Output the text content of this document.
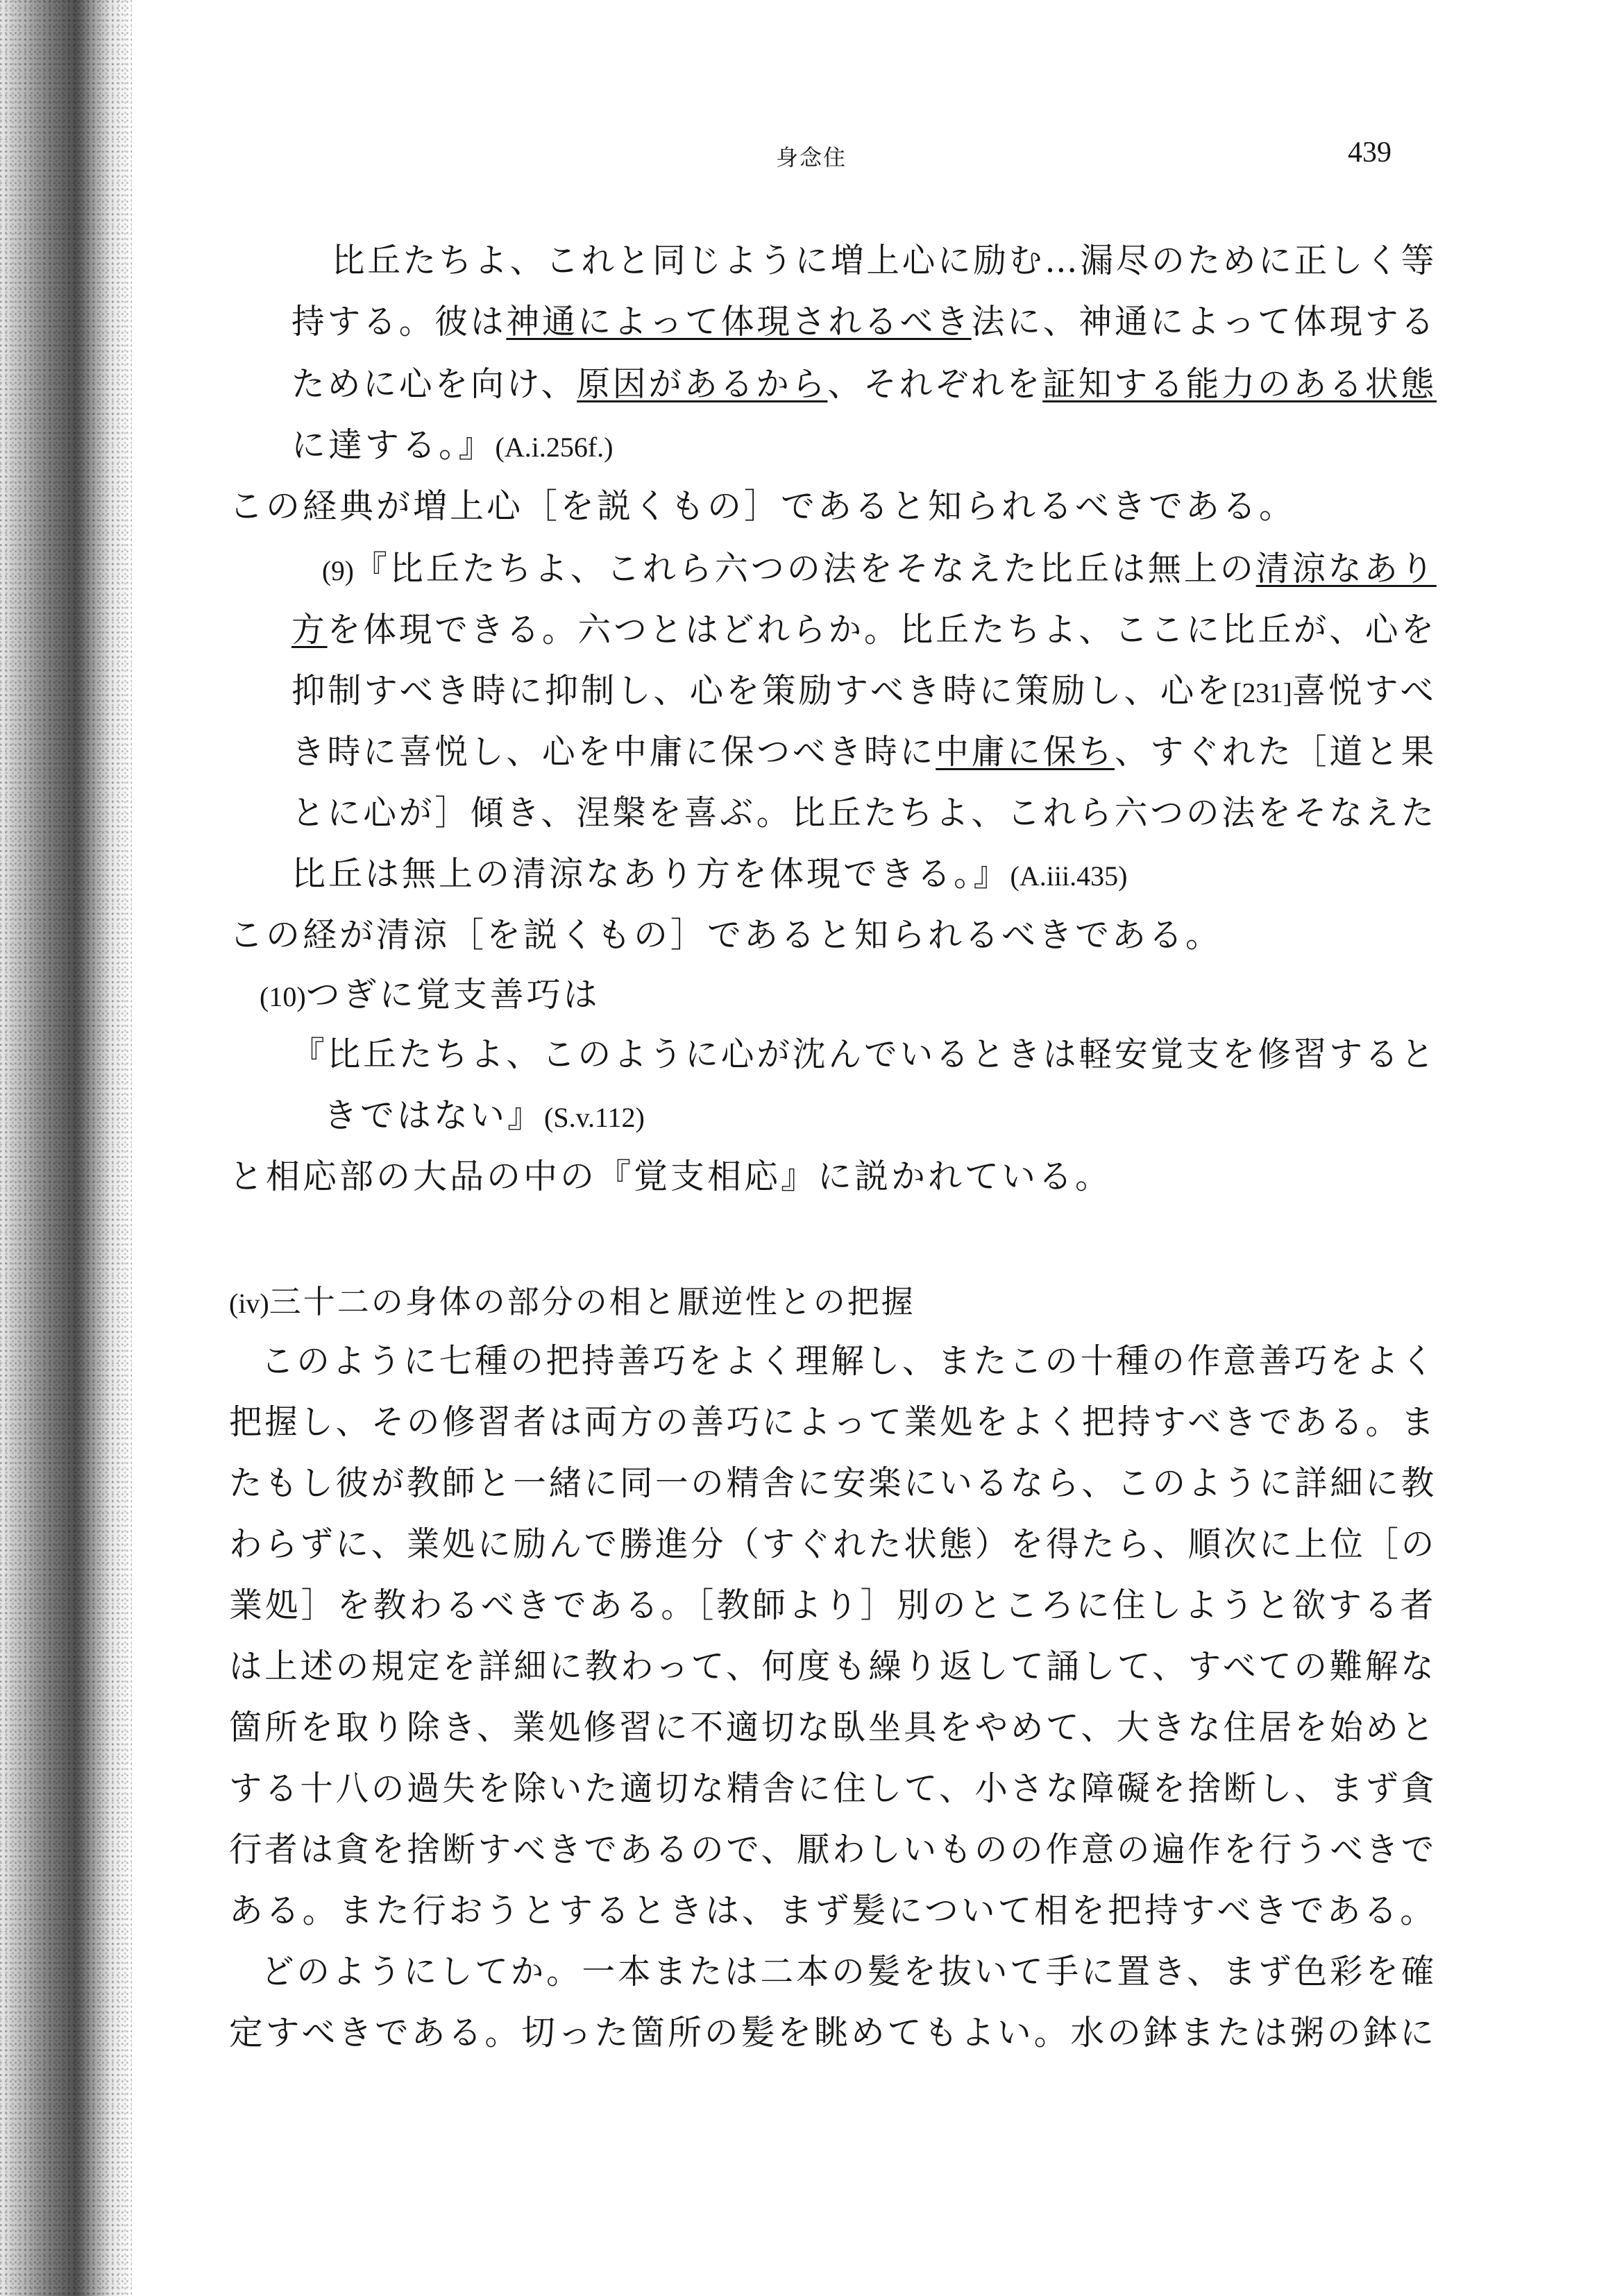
身念住	439

比丘たちよ、これと同じように増上心に励む…漏尽のために正しく等

持する。彼は神通によって体現されるべき法に、神通によって体現する

ために心を向け、原因があるから、それぞれを証知する能力のある状態

に達する。』(A.i.256f.)

この経典が増上心［を説くもの］であると知られるべきである。

(9)『比丘たちよ、これら六つの法をそなえた比丘は無上の清涼なあり

方を体現できる。六つとはどれらか。比丘たちよ、ここに比丘が、心を

抑制すべき時に抑制し、心を策励すべき時に策励し、心を[231]喜悦すべ

き時に喜悦し、心を中庸に保つべき時に中庸に保ち、すぐれた［道と果

とに心が］傾き、涅槃を喜ぶ。比丘たちよ、これら六つの法をそなえた

比丘は無上の清涼なあり方を体現できる。』(A.iii.435)

この経が清涼［を説くもの］であると知られるべきである。

(10)つぎに覚支善巧は

『比丘たちよ、このように心が沈んでいるときは軽安覚支を修習すると

きではない』(S.v.112)

と相応部の大品の中の『覚支相応』に説かれている。

(iv)三十二の身体の部分の相と厭逆性との把握

このように七種の把持善巧をよく理解し、またこの十種の作意善巧をよく

把握し、その修習者は両方の善巧によって業処をよく把持すべきである。ま

たもし彼が教師と一緒に同一の精舎に安楽にいるなら、このように詳細に教

わらずに、業処に励んで勝進分（すぐれた状態）を得たら、順次に上位［の

業処］を教わるべきである。［教師より］別のところに住しようと欲する者

は上述の規定を詳細に教わって、何度も繰り返して誦して、すべての難解な

箇所を取り除き、業処修習に不適切な臥坐具をやめて、大きな住居を始めと

する十八の過失を除いた適切な精舎に住して、小さな障礙を捨断し、まず貪

行者は貪を捨断すべきであるので、厭わしいものの作意の遍作を行うべきで

ある。また行おうとするときは、まず髪について相を把持すべきである。

どのようにしてか。一本または二本の髪を抜いて手に置き、まず色彩を確

定すべきである。切った箇所の髪を眺めてもよい。水の鉢または粥の鉢に
